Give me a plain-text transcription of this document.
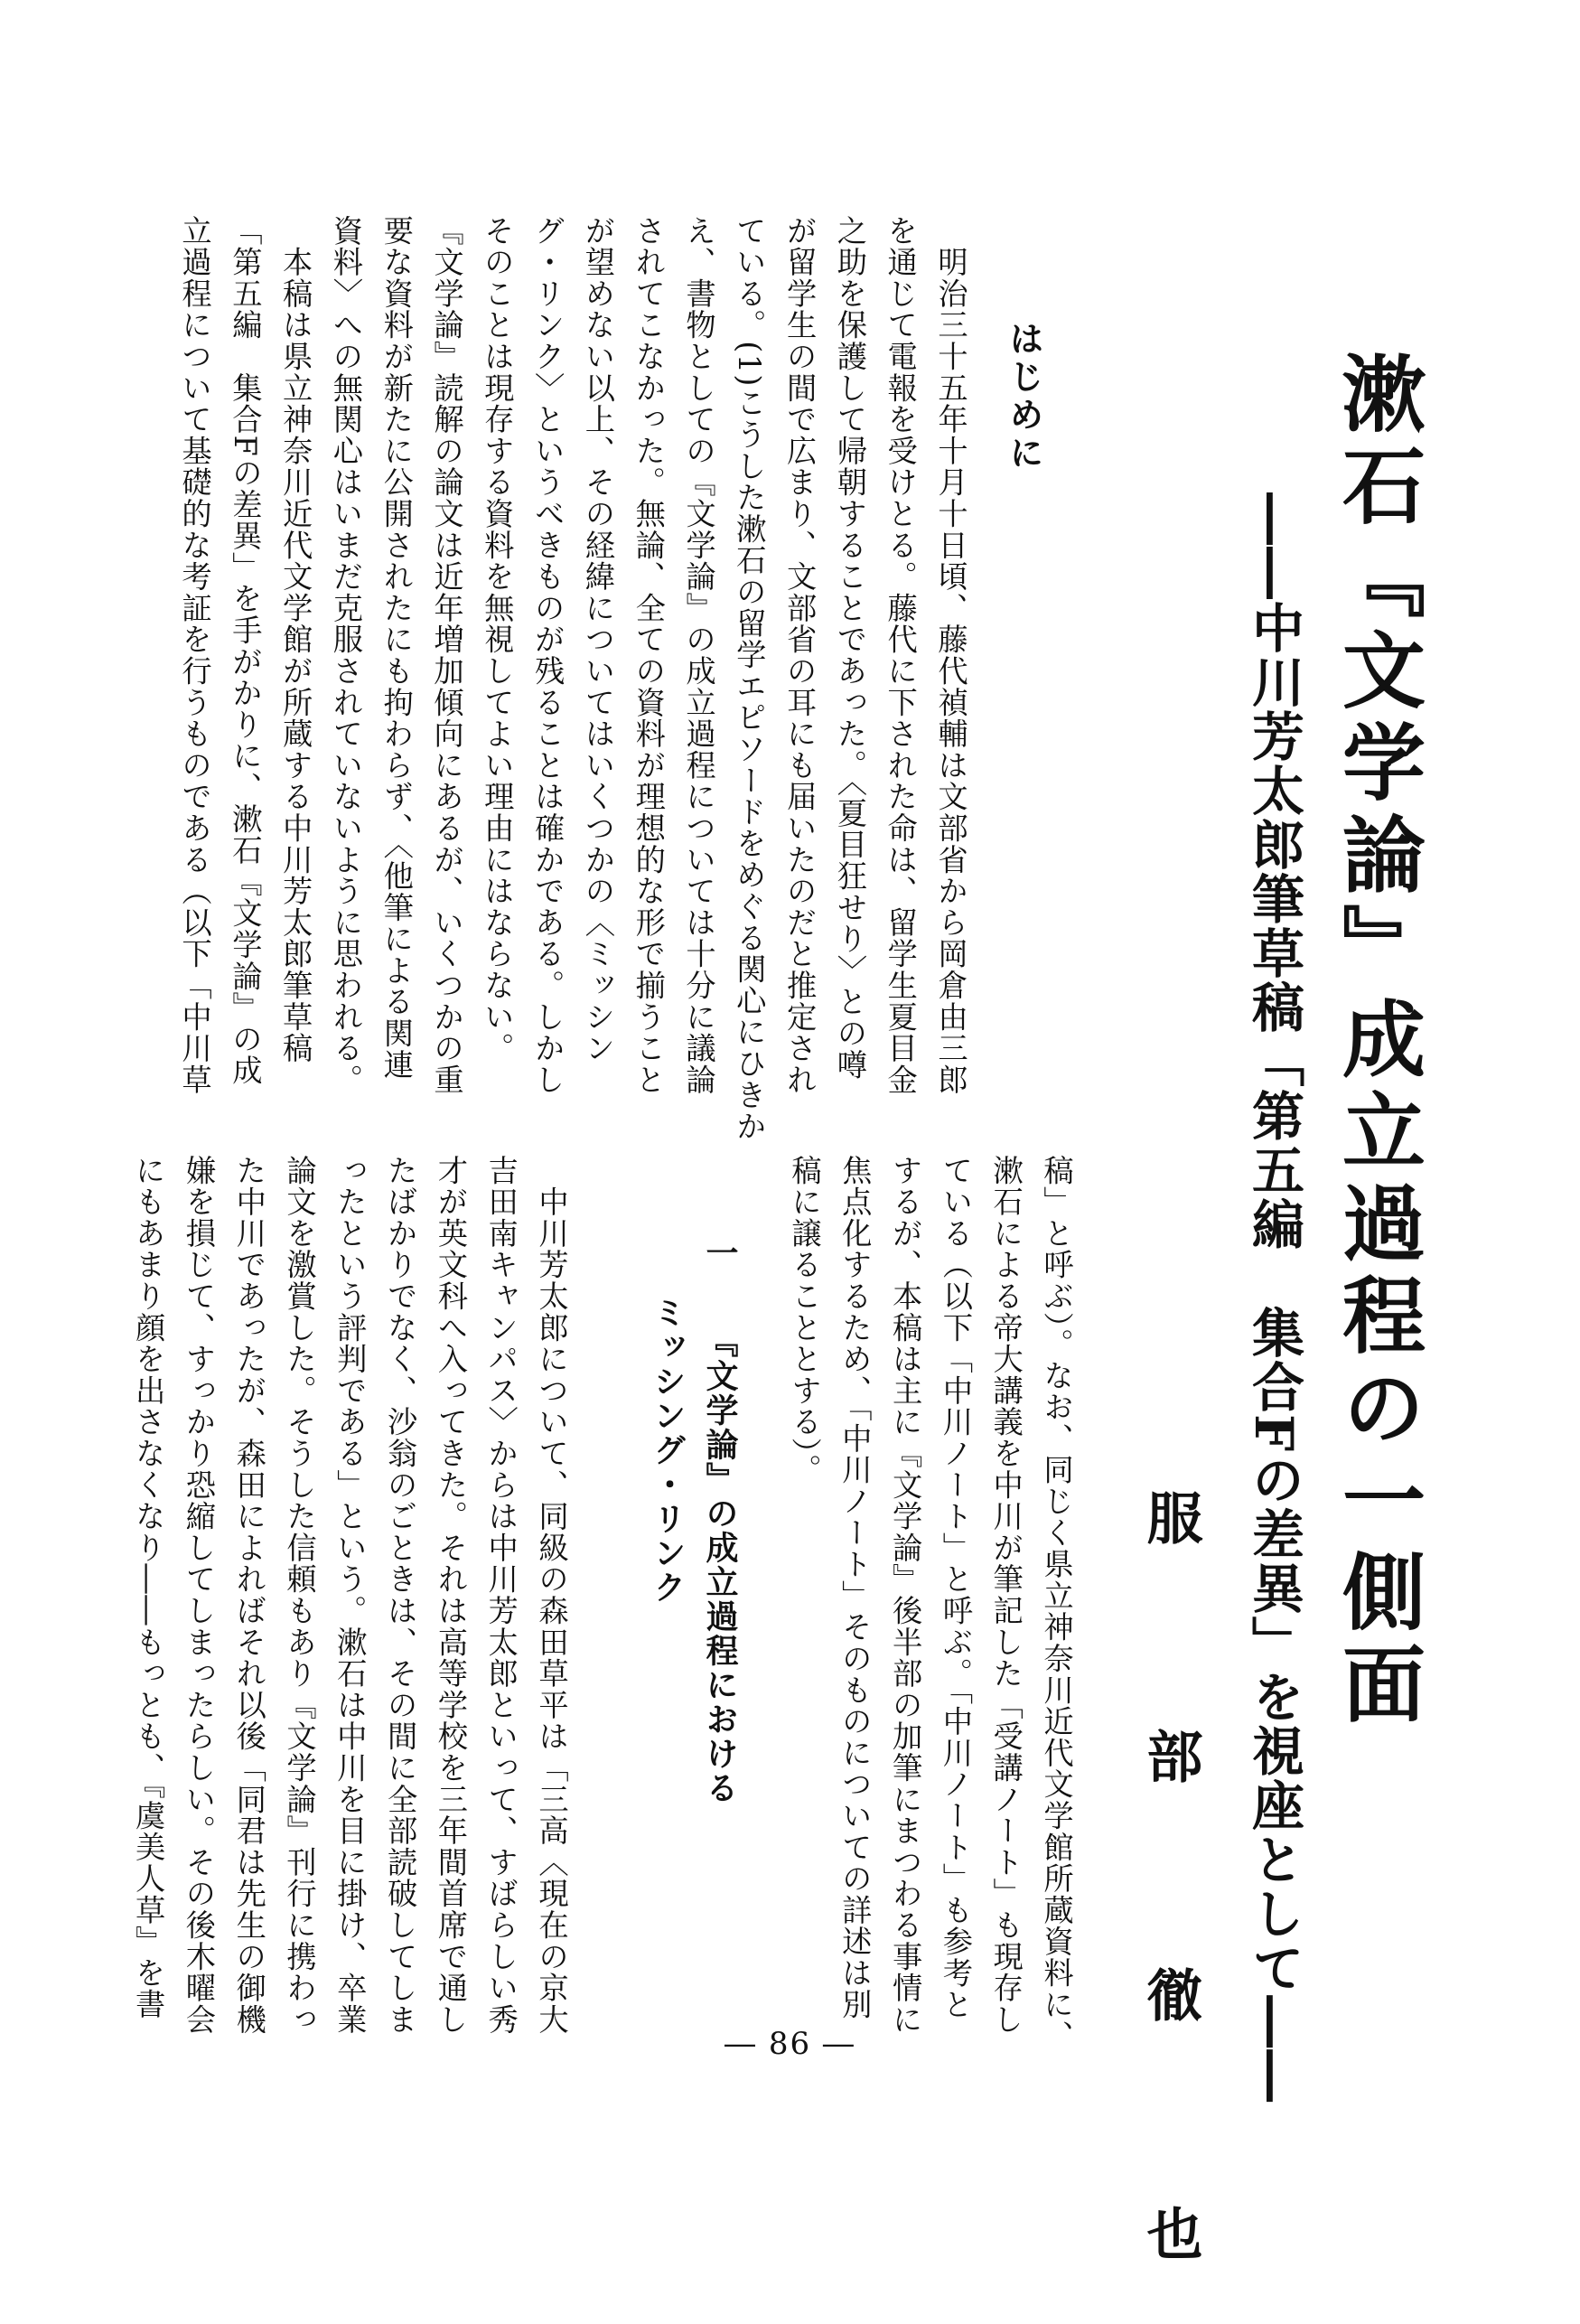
漱石『文学論』成立過程の一側面
――中川芳太郎筆草稿「第五編　集合Fの差異」を視座として――
服　部　徹　也
はじめに
　明治三十五年十月十日頃、藤代禎輔は文部省から岡倉由三郎
を通じて電報を受けとる。藤代に下された命は、留学生夏目金
之助を保護して帰朝することであった。〈夏目狂せり〉との噂
が留学生の間で広まり、文部省の耳にも届いたのだと推定され
ている。(1)こうした漱石の留学エピソードをめぐる関心にひきか
え、書物としての『文学論』の成立過程については十分に議論
されてこなかった。無論、全ての資料が理想的な形で揃うこと
が望めない以上、その経緯についてはいくつかの〈ミッシン
グ・リンク〉というべきものが残ることは確かである。しかし
そのことは現存する資料を無視してよい理由にはならない。
『文学論』読解の論文は近年増加傾向にあるが、いくつかの重
要な資料が新たに公開されたにも拘わらず、〈他筆による関連
資料〉への無関心はいまだ克服されていないように思われる。
　本稿は県立神奈川近代文学館が所蔵する中川芳太郎筆草稿
「第五編　集合Fの差異」を手がかりに、漱石『文学論』の成
立過程について基礎的な考証を行うものである（以下「中川草
稿」と呼ぶ）。なお、同じく県立神奈川近代文学館所蔵資料に、
漱石による帝大講義を中川が筆記した「受講ノート」も現存し
ている（以下「中川ノート」と呼ぶ。「中川ノート」も参考と
するが、本稿は主に『文学論』後半部の加筆にまつわる事情に
焦点化するため、「中川ノート」そのものについての詳述は別
稿に譲ることとする）。
一　『文学論』の成立過程における
ミッシング・リンク
　中川芳太郎について、同級の森田草平は「三高〈現在の京大
吉田南キャンパス〉からは中川芳太郎といって、すばらしい秀
才が英文科へ入ってきた。それは高等学校を三年間首席で通し
たばかりでなく、沙翁のごときは、その間に全部読破してしま
ったという評判である」という。漱石は中川を目に掛け、卒業
論文を激賞した。そうした信頼もあり『文学論』刊行に携わっ
た中川であったが、森田によればそれ以後「同君は先生の御機
嫌を損じて、すっかり恐縮してしまったらしい。その後木曜会
にもあまり顔を出さなくなり――もっとも、『虞美人草』を書
― 86 ―
